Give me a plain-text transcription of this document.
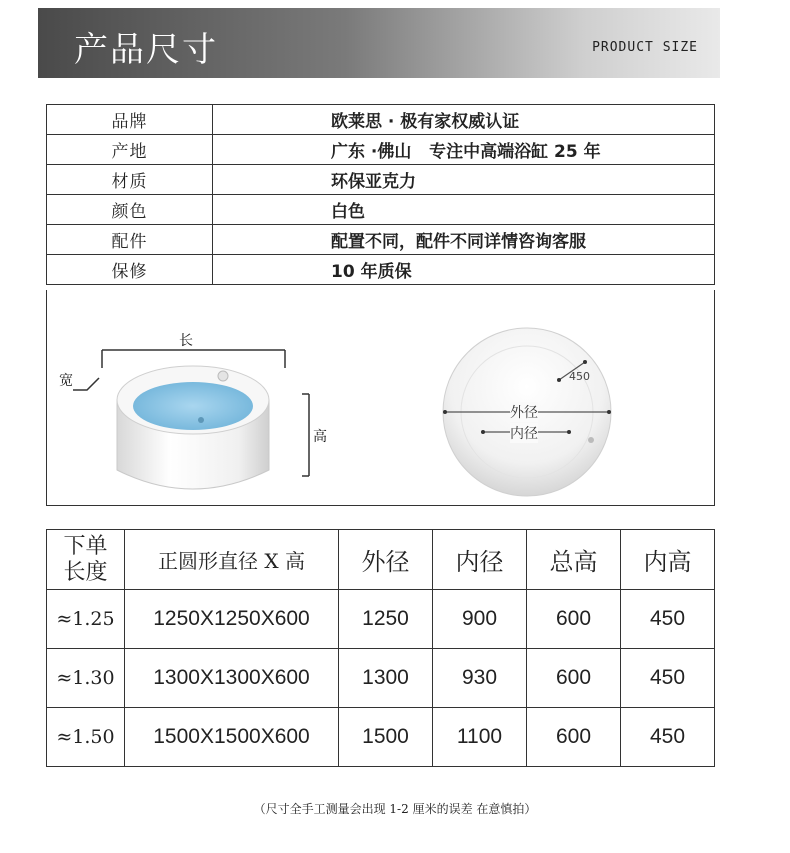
产品尺寸	PRODUCT SIZE
品牌	欧莱思 · 极有家权威认证
产地	广东 ·佛山   专注中高端浴缸 25 年
材质	环保亚克力
颜色	白色
配件	配置不同，配件不同详情咨询客服
保修	10 年质保
长
宽
高
450
外径
内径
下单长度	正圆形直径 X 高	外径	内径	总高	内高
≈1.25	1250X1250X600	1250	900	600	450
≈1.30	1300X1300X600	1300	930	600	450
≈1.50	1500X1500X600	1500	1100	600	450
（尺寸全手工测量会出现 1-2 厘米的误差 在意慎拍）
